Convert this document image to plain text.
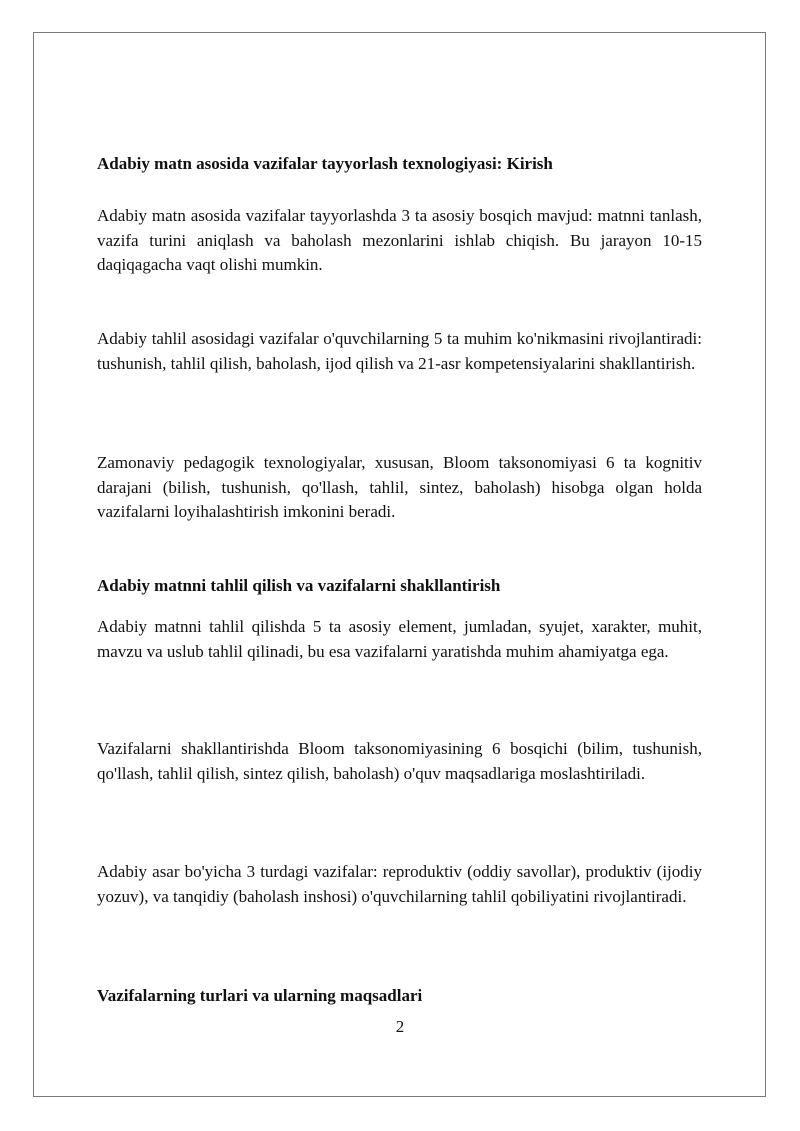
Adabiy matn asosida vazifalar tayyorlash texnologiyasi: Kirish

Adabiy matn asosida vazifalar tayyorlashda 3 ta asosiy bosqich mavjud: matnni tanlash, vazifa turini aniqlash va baholash mezonlarini ishlab chiqish. Bu jarayon 10-15 daqiqagacha vaqt olishi mumkin.

Adabiy tahlil asosidagi vazifalar o'quvchilarning 5 ta muhim ko'nikmasini rivojlantiradi: tushunish, tahlil qilish, baholash, ijod qilish va 21-asr kompetensiyalarini shakllantirish.

Zamonaviy pedagogik texnologiyalar, xususan, Bloom taksonomiyasi 6 ta kognitiv darajani (bilish, tushunish, qo'llash, tahlil, sintez, baholash) hisobga olgan holda vazifalarni loyihalashtirish imkonini beradi.

Adabiy matnni tahlil qilish va vazifalarni shakllantirish

Adabiy matnni tahlil qilishda 5 ta asosiy element, jumladan, syujet, xarakter, muhit, mavzu va uslub tahlil qilinadi, bu esa vazifalarni yaratishda muhim ahamiyatga ega.

Vazifalarni shakllantirishda Bloom taksonomiyasining 6 bosqichi (bilim, tushunish, qo'llash, tahlil qilish, sintez qilish, baholash) o'quv maqsadlariga moslashtiriladi.

Adabiy asar bo'yicha 3 turdagi vazifalar: reproduktiv (oddiy savollar), produktiv (ijodiy yozuv), va tanqidiy (baholash inshosi) o'quvchilarning tahlil qobiliyatini rivojlantiradi.

Vazifalarning turlari va ularning maqsadlari
2
